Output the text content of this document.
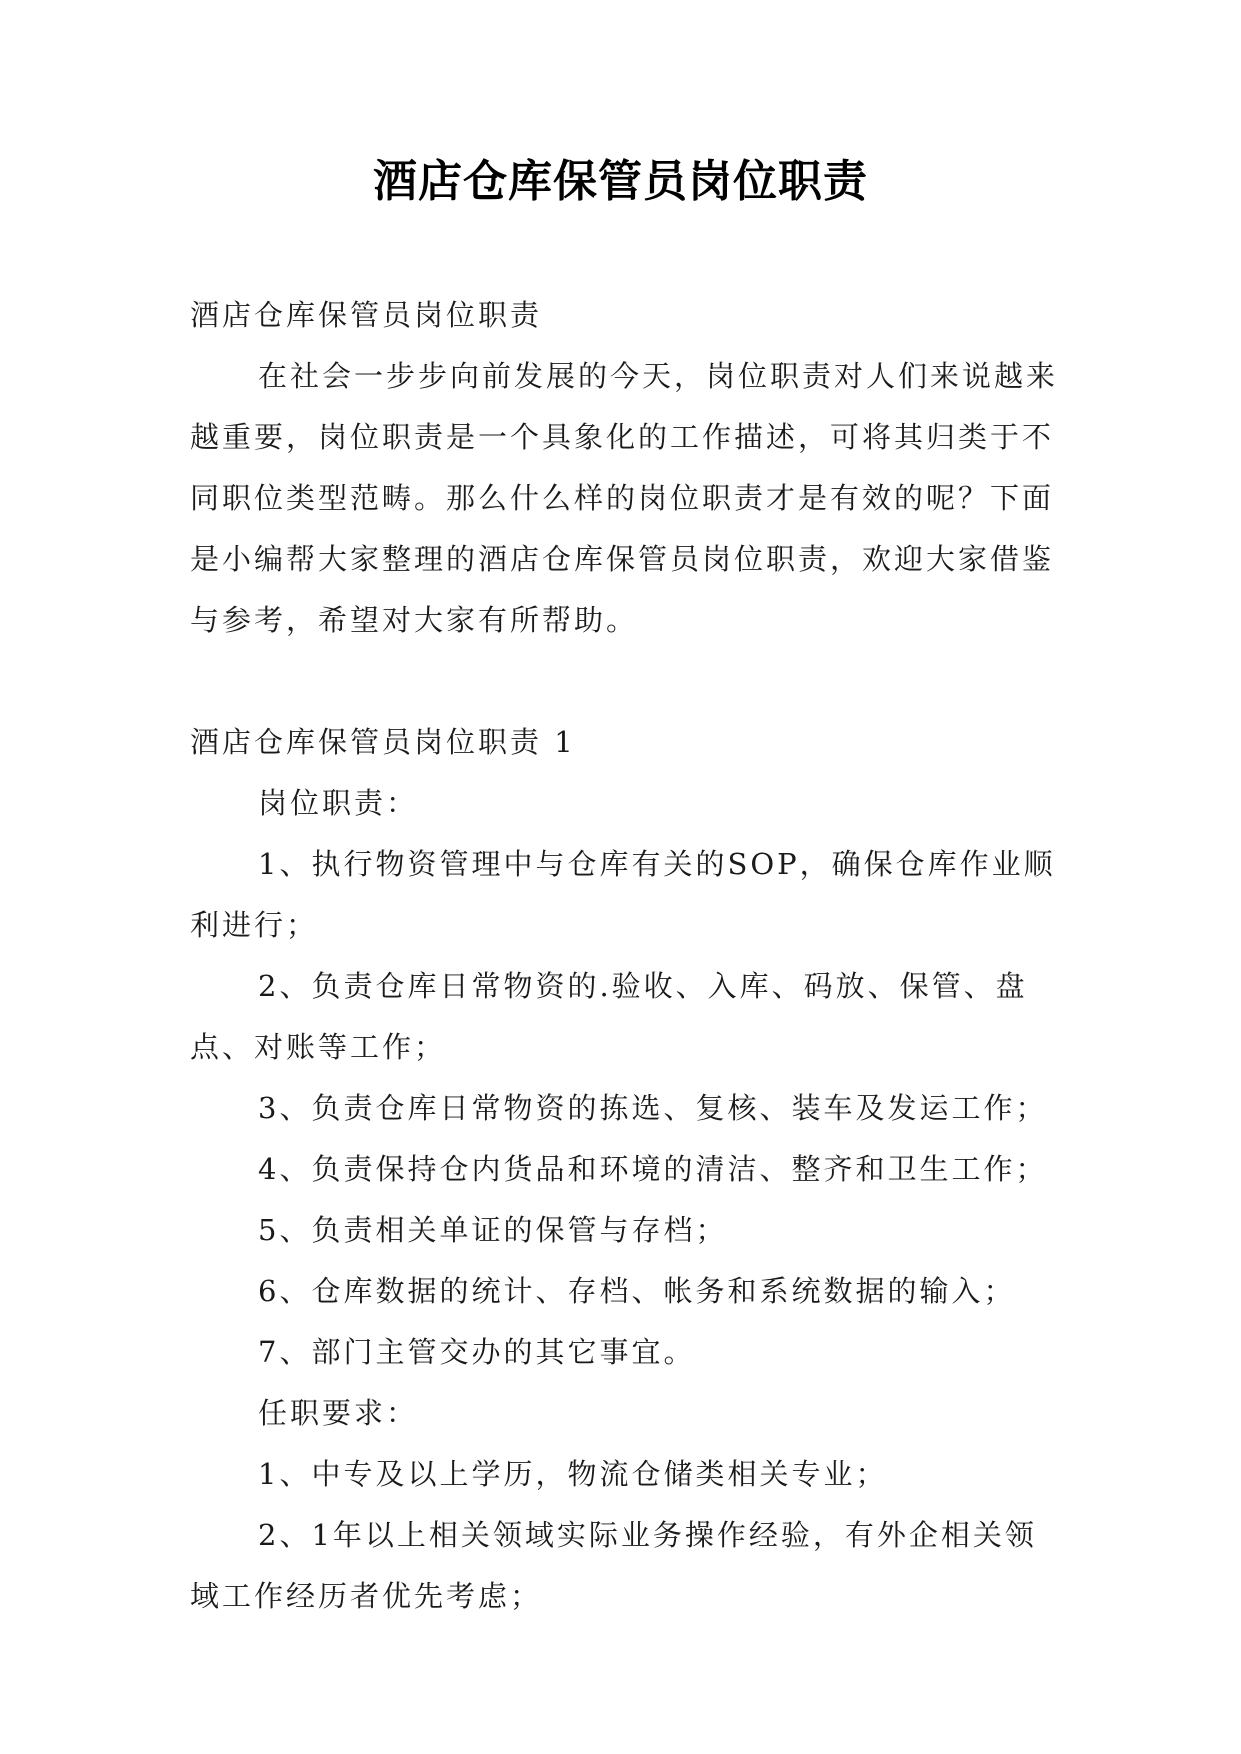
酒店仓库保管员岗位职责

酒店仓库保管员岗位职责

在社会一步步向前发展的今天，岗位职责对人们来说越来越重要，岗位职责是一个具象化的工作描述，可将其归类于不同职位类型范畴。那么什么样的岗位职责才是有效的呢？下面是小编帮大家整理的酒店仓库保管员岗位职责，欢迎大家借鉴与参考，希望对大家有所帮助。

酒店仓库保管员岗位职责 1

岗位职责：

1、执行物资管理中与仓库有关的SOP，确保仓库作业顺利进行；

2、负责仓库日常物资的.验收、入库、码放、保管、盘点、对账等工作；

3、负责仓库日常物资的拣选、复核、装车及发运工作；

4、负责保持仓内货品和环境的清洁、整齐和卫生工作；

5、负责相关单证的保管与存档；

6、仓库数据的统计、存档、帐务和系统数据的输入；

7、部门主管交办的其它事宜。

任职要求：

1、中专及以上学历，物流仓储类相关专业；

2、1年以上相关领域实际业务操作经验，有外企相关领域工作经历者优先考虑；
